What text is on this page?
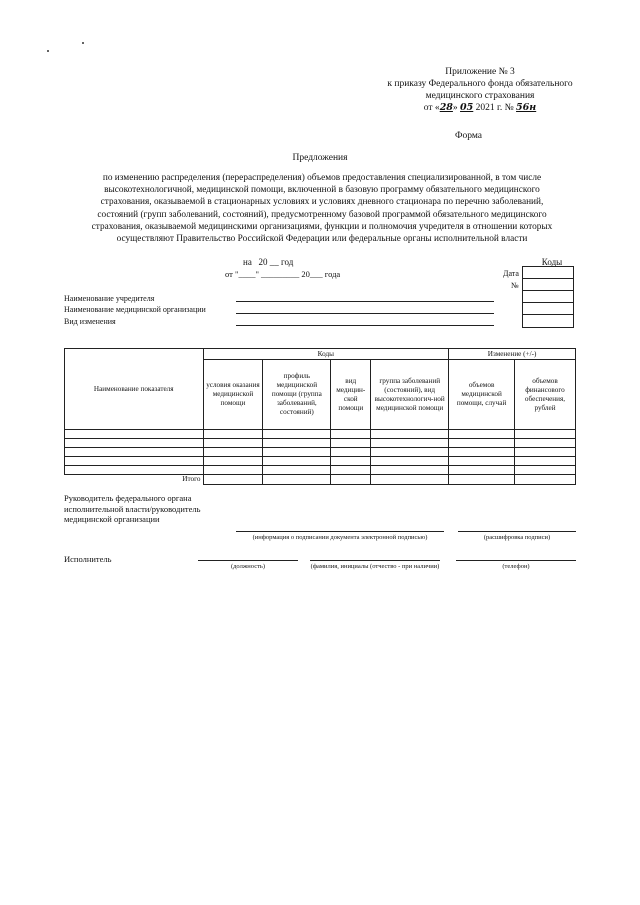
Приложение № 3
к приказу Федерального фонда обязательного
медицинского страхования
от «28» 05 2021 г. № 56н
Форма
Предложения
по изменению распределения (перераспределения) объемов предоставления специализированной, в том числе высокотехнологичной, медицинской помощи, включенной в базовую программу обязательного медицинского страхования, оказываемой в стационарных условиях и условиях дневного стационара по перечню заболеваний, состояний (групп заболеваний, состояний), предусмотренному базовой программой обязательного медицинского страхования, оказываемой медицинскими организациями, функции и полномочия учредителя в отношении которых осуществляют Правительство Российской Федерации или федеральные органы исполнительной власти
на   20 __ год
от "____" _________ 20___ года
Коды
Дата
№
Наименование учредителя
Наименование медицинской организации
Вид изменения
Наименование показателя	Коды				Изменение (+/-)	
	условия оказания медицинской помощи	профиль медицинской помощи (группа заболеваний, состояний)	вид медицин-ской помощи	группа заболеваний (состояний), вид высокотехнологич-ной медицинской помощи	объемов медицинской помощи, случай	объемов финансового обеспечения, рублей

Итого						
Руководитель федерального органа исполнительной власти/руководитель медицинской организации
(информация о подписании документа электронной подписью)	(расшифровка подписи)
Исполнитель
(должность)	(фамилия, инициалы (отчество - при наличии)	(телефон)
